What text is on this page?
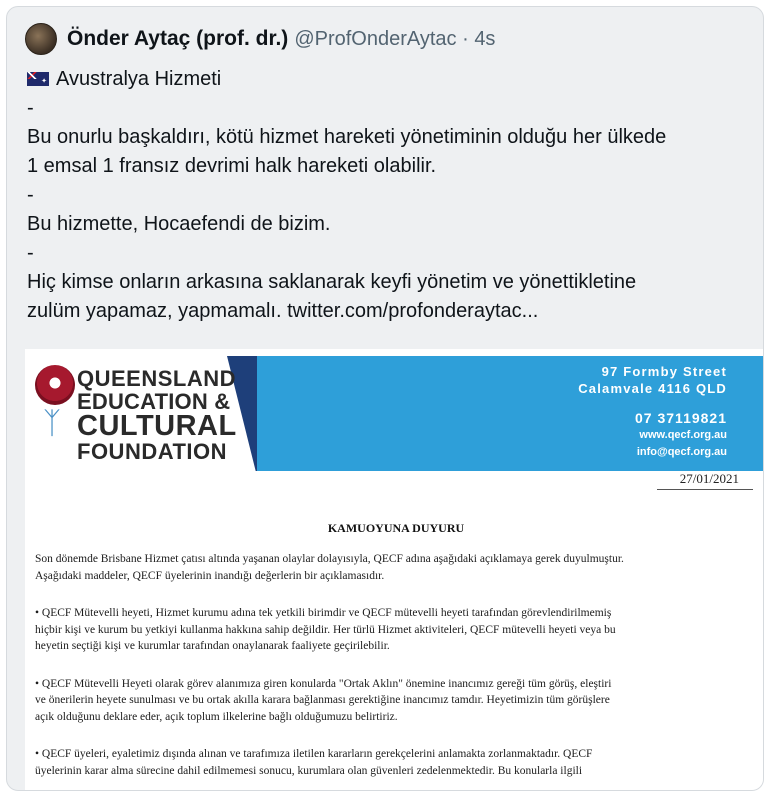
Önder Aytaç (prof. dr.) @ProfOnderAytac · 4s
✦Avustralya Hizmeti
-
Bu onurlu başkaldırı, kötü hizmet hareketi yönetiminin olduğu her ülkede
1 emsal 1 fransız devrimi halk hareketi olabilir.
-
Bu hizmette, Hocaefendi de bizim.
-
Hiç kimse onların arkasına saklanarak keyfi yönetim ve yönettikletine
zulüm yapamaz, yapmamalı. twitter.com/profonderaytac...
ᛉ
QUEENSLAND
EDUCATION &
CULTURAL
FOUNDATION
97 Formby Street
Calamvale 4116 QLD
07 37119821
www.qecf.org.au
info@qecf.org.au
27/01/2021
KAMUOYUNA DUYURU
Son dönemde Brisbane Hizmet çatısı altında yaşanan olaylar dolayısıyla, QECF adına aşağıdaki açıklamaya gerek duyulmuştur.
Aşağıdaki maddeler, QECF üyelerinin inandığı değerlerin bir açıklamasıdır.
• QECF Mütevelli heyeti, Hizmet kurumu adına tek yetkili birimdir ve QECF mütevelli heyeti tarafından görevlendirilmemiş
hiçbir kişi ve kurum bu yetkiyi kullanma hakkına sahip değildir. Her türlü Hizmet aktiviteleri, QECF mütevelli heyeti veya bu
heyetin seçtiği kişi ve kurumlar tarafından onaylanarak faaliyete geçirilebilir.
• QECF Mütevelli Heyeti olarak görev alanımıza giren konularda "Ortak Aklın" önemine inancımız gereği tüm görüş, eleştiri
ve önerilerin heyete sunulması ve bu ortak akılla karara bağlanması gerektiğine inancımız tamdır. Heyetimizin tüm görüşlere
açık olduğunu deklare eder, açık toplum ilkelerine bağlı olduğumuzu belirtiriz.
• QECF üyeleri, eyaletimiz dışında alınan ve tarafımıza iletilen kararların gerekçelerini anlamakta zorlanmaktadır. QECF
üyelerinin karar alma sürecine dahil edilmemesi sonucu, kurumlara olan güvenleri zedelenmektedir. Bu konularla ilgili
